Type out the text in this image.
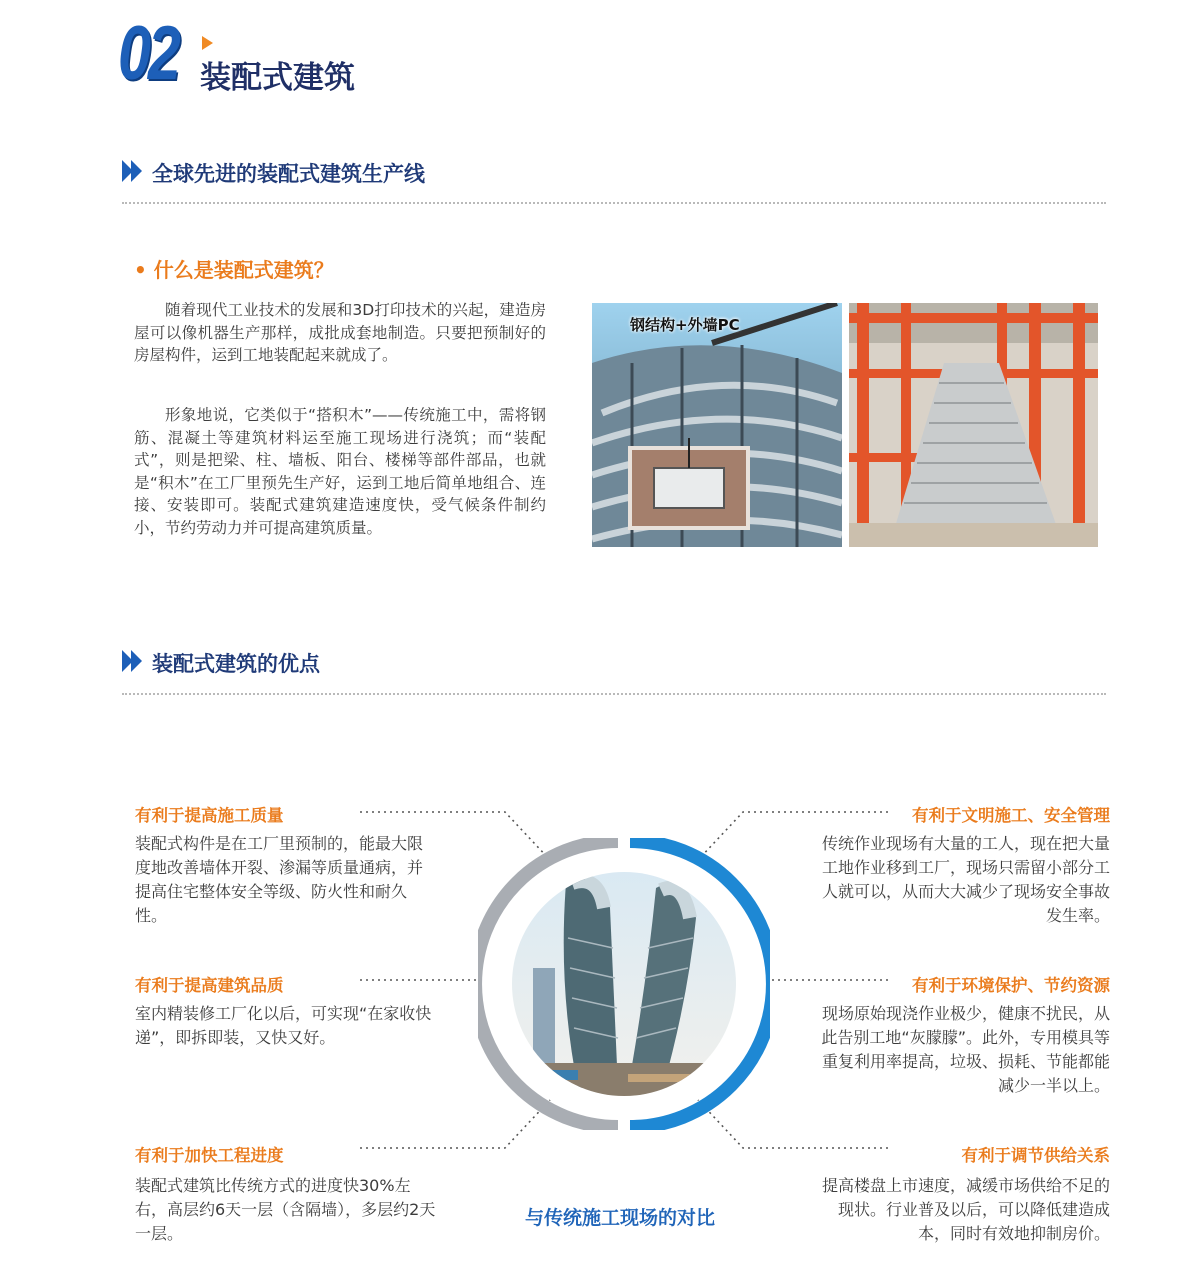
02 装配式建筑
全球先进的装配式建筑生产线
• 什么是装配式建筑？
随着现代工业技术的发展和3D打印技术的兴起，建造房屋可以像机器生产那样，成批成套地制造。只要把预制好的房屋构件，运到工地装配起来就成了。
形象地说，它类似于“搭积木”——传统施工中，需将钢筋、混凝土等建筑材料运至施工现场进行浇筑；而“装配式”，则是把梁、柱、墙板、阳台、楼梯等部件部品，也就是“积木”在工厂里预先生产好，运到工地后简单地组合、连接、安装即可。装配式建筑建造速度快，受气候条件制约小，节约劳动力并可提高建筑质量。
钢结构+外墙PC
装配式建筑的优点
有利于提高施工质量
装配式构件是在工厂里预制的，能最大限度地改善墙体开裂、渗漏等质量通病，并提高住宅整体安全等级、防火性和耐久性。
有利于提高建筑品质
室内精装修工厂化以后，可实现“在家收快递”，即拆即装，又快又好。
有利于加快工程进度
装配式建筑比传统方式的进度快30%左右，高层约6天一层（含隔墙），多层约2天一层。
有利于文明施工、安全管理
传统作业现场有大量的工人，现在把大量工地作业移到工厂，现场只需留小部分工人就可以，从而大大减少了现场安全事故发生率。
有利于环境保护、节约资源
现场原始现浇作业极少，健康不扰民，从此告别工地“灰朦朦”。此外，专用模具等重复利用率提高，垃圾、损耗、节能都能减少一半以上。
有利于调节供给关系
提高楼盘上市速度，减缓市场供给不足的现状。行业普及以后，可以降低建造成本，同时有效地抑制房价。
与传统施工现场的对比
